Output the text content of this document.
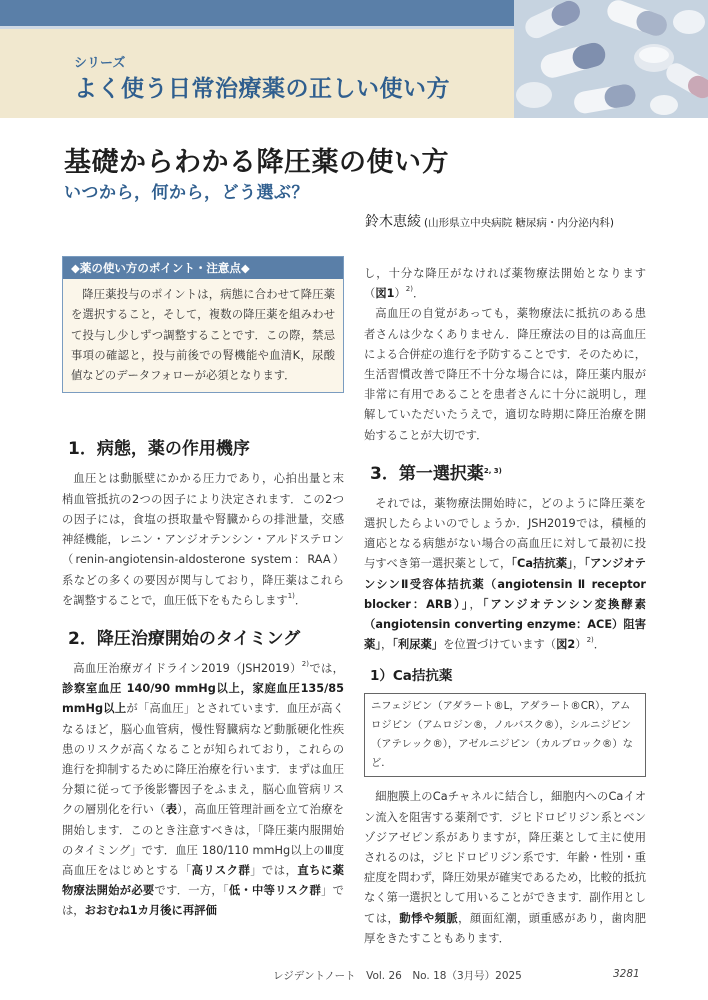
シリーズ
よく使う日常治療薬の正しい使い方
基礎からわかる降圧薬の使い方
いつから，何から，どう選ぶ？
鈴木恵綾 (山形県立中央病院 糖尿病・内分泌内科)
◆薬の使い方のポイント・注意点◆
降圧薬投与のポイントは，病態に合わせて降圧薬を選択すること，そして，複数の降圧薬を組みわせて投与し少しずつ調整することです．この際，禁忌事項の確認と，投与前後での腎機能や血清K，尿酸値などのデータフォローが必須となります．
1．病態，薬の作用機序

血圧とは動脈壁にかかる圧力であり，心拍出量と末梢血管抵抗の2つの因子により決定されます．この2つの因子には，食塩の摂取量や腎臓からの排泄量，交感神経機能，レニン・アンジオテンシン・アルドステロン（renin-angiotensin-aldosterone system：RAA）系などの多くの要因が関与しており，降圧薬はこれらを調整することで，血圧低下をもたらします$^{1)}$．

2．降圧治療開始のタイミング

高血圧治療ガイドライン$2019(JSH2019)^{2)}$では，診察室血圧 140/90 mmHg以上，家庭血圧135/85 mmHg以上が「高血圧」とされています．血圧が高くなるほど，脳心血管病，慢性腎臓病など動脈硬化性疾患のリスクが高くなることが知られており，これらの進行を抑制するために降圧治療を行います．まずは血圧分類に従って予後影響因子をふまえ，脳心血管病リスクの層別化を行い（表），高血圧管理計画を立て治療を開始します．このとき注意すべきは，「降圧薬内服開始のタイミング」です．血圧 180/110 mmHg以上のⅢ度高血圧をはじめとする「高リスク群」では，直ちに薬物療法開始が必要です．一方，「低・中等リスク群」では，おおむね1カ月後に再評価

し，十分な降圧がなければ薬物療法開始となります（図1）$^{2)}$．

高血圧の自覚があっても，薬物療法に抵抗のある患者さんは少なくありません．降圧療法の目的は高血圧による合併症の進行を予防することです．そのために，生活習慣改善で降圧不十分な場合には，降圧薬内服が非常に有用であることを患者さんに十分に説明し，理解していただいたうえで，適切な時期に降圧治療を開始することが大切です．

3．第一選択薬$^{2, 3)}$

それでは，薬物療法開始時に，どのように降圧薬を選択したらよいのでしょうか．JSH2019では，積極的適応となる病態がない場合の高血圧に対して最初に投与すべき第一選択薬として，「Ca拮抗薬」，「アンジオテンシンⅡ受容体拮抗薬（angiotensin Ⅱ receptor blocker：ARB）」，「アンジオテンシン変換酵素（angiotensin converting enzyme：ACE）阻害薬」，「利尿薬」を位置づけています（図2）$^{2)}$．

1）Ca拮抗薬
ニフェジピン（アダラート®L，アダラート®CR），アムロジピン（アムロジン®，ノルバスク®），シルニジピン（アテレック®），アゼルニジピン（カルブロック®）など．

細胞膜上のCaチャネルに結合し，細胞内へのCaイオン流入を阻害する薬剤です．ジヒドロピリジン系とベンゾジアゼピン系がありますが，降圧薬として主に使用されるのは，ジヒドロピリジン系です．年齢・性別・重症度を問わず，降圧効果が確実であるため，比較的抵抗なく第一選択として用いることができます．副作用としては，動悸や頻脈，顔面紅潮，頭重感があり，歯肉肥厚をきたすこともあります．

レジデントノート　Vol. 26　No. 18（3月号）2025	3281
